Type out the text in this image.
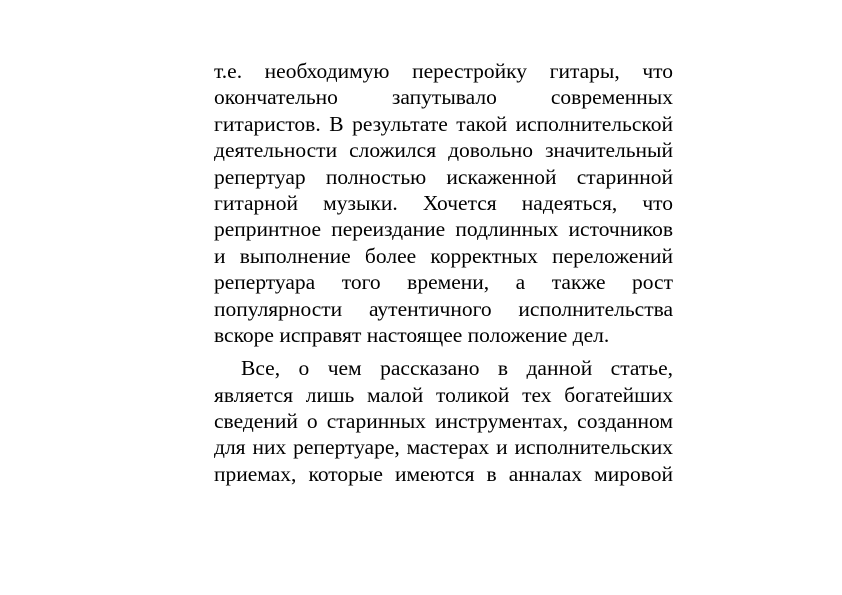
т.е. необходимую перестройку гитары, что
окончательно запутывало современных
гитаристов. В результате такой исполнительской
деятельности сложился довольно значительный
репертуар полностью искаженной старинной
гитарной музыки. Хочется надеяться, что
репринтное переиздание подлинных источников
и выполнение более корректных переложений
репертуара того времени, а также рост
популярности аутентичного исполнительства
вскоре исправят настоящее положение дел.
Все, о чем рассказано в данной статье,
является лишь малой толикой тех богатейших
сведений о старинных инструментах, созданном
для них репертуаре, мастерах и исполнительских
приемах, которые имеются в анналах мировой
